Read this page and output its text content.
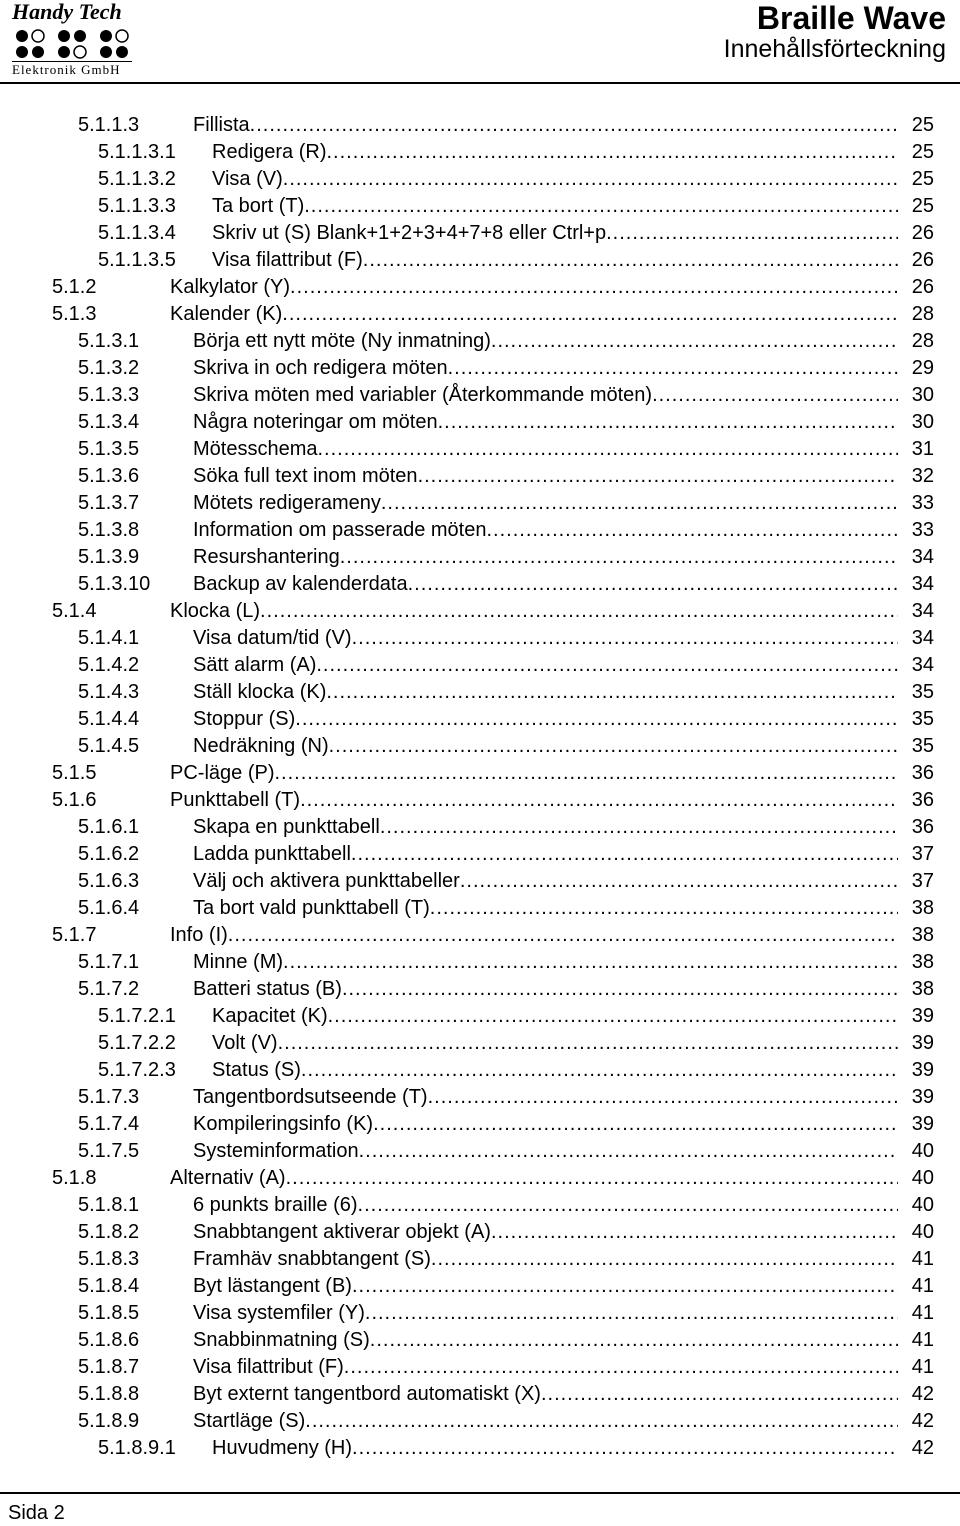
Handy Tech
Elektronik GmbH
Braille Wave
Innehållsförteckning
5.1.1.3	Fillista .....	25
5.1.1.3.1 Redigera (R) .....	25
5.1.1.3.2 Visa (V) .....	25
5.1.1.3.3 Ta bort (T) .....	25
5.1.1.3.4 Skriv ut (S) Blank+1+2+3+4+7+8 eller Ctrl+p .....	26
5.1.1.3.5 Visa filattribut (F) .....	26
5.1.2	Kalkylator (Y) .....	26
5.1.3	Kalender (K) .....	28
5.1.3.1	Börja ett nytt möte (Ny inmatning) .....	28
5.1.3.2	Skriva in och redigera möten .....	29
5.1.3.3	Skriva möten med variabler (Återkommande möten) .....	30
5.1.3.4	Några noteringar om möten .....	30
5.1.3.5	Mötesschema .....	31
5.1.3.6	Söka full text inom möten .....	32
5.1.3.7	Mötets redigerameny .....	33
5.1.3.8	Information om passerade möten .....	33
5.1.3.9	Resurshantering .....	34
5.1.3.10 Backup av kalenderdata .....	34
5.1.4	Klocka (L) .....	34
5.1.4.1	Visa datum/tid (V) .....	34
5.1.4.2	Sätt alarm (A) .....	34
5.1.4.3	Ställ klocka (K) .....	35
5.1.4.4	Stoppur (S) .....	35
5.1.4.5	Nedräkning (N) .....	35
5.1.5	PC-läge (P) .....	36
5.1.6	Punkttabell (T) .....	36
5.1.6.1	Skapa en punkttabell .....	36
5.1.6.2	Ladda punkttabell .....	37
5.1.6.3	Välj och aktivera punkttabeller .....	37
5.1.6.4	Ta bort vald punkttabell (T) .....	38
5.1.7	Info (I) .....	38
5.1.7.1	Minne (M) .....	38
5.1.7.2	Batteri status (B) .....	38
5.1.7.2.1 Kapacitet (K) .....	39
5.1.7.2.2 Volt (V) .....	39
5.1.7.2.3 Status (S) .....	39
5.1.7.3	Tangentbordsutseende (T) .....	39
5.1.7.4	Kompileringsinfo (K) .....	39
5.1.7.5	Systeminformation .....	40
5.1.8	Alternativ (A) .....	40
5.1.8.1	6 punkts braille (6) .....	40
5.1.8.2	Snabbtangent aktiverar objekt (A) .....	40
5.1.8.3	Framhäv snabbtangent (S) .....	41
5.1.8.4	Byt lästangent (B) .....	41
5.1.8.5	Visa systemfiler (Y) .....	41
5.1.8.6	Snabbinmatning (S) .....	41
5.1.8.7	Visa filattribut (F) .....	41
5.1.8.8	Byt externt tangentbord automatiskt (X) .....	42
5.1.8.9	Startläge (S) .....	42
5.1.8.9.1 Huvudmeny (H) .....	42
Sida 2
